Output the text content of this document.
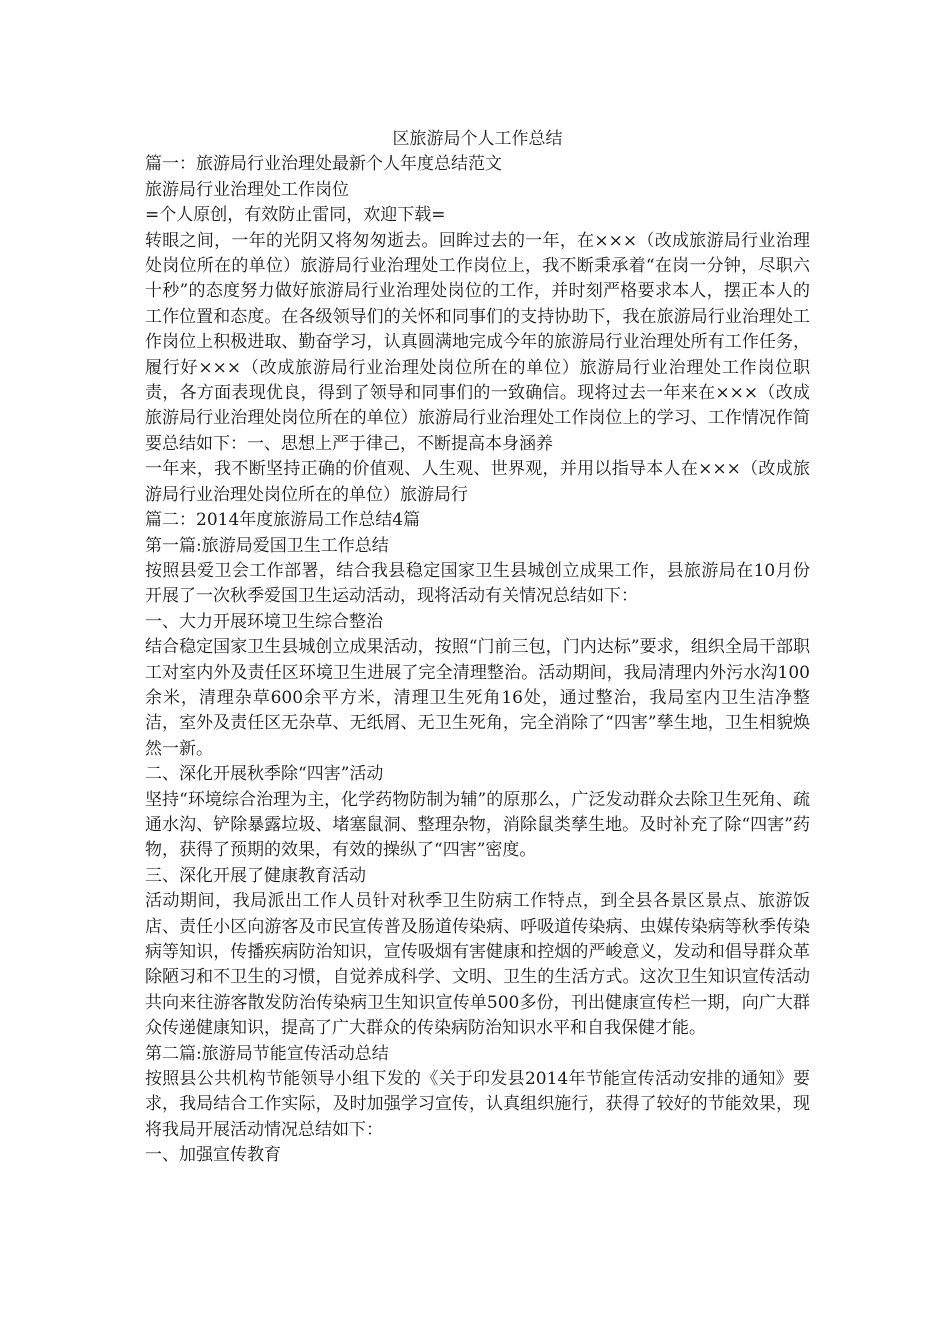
区旅游局个人工作总结

篇一：旅游局行业治理处最新个人年度总结范文

旅游局行业治理处工作岗位

=个人原创，有效防止雷同，欢迎下载=

转眼之间，一年的光阴又将匆匆逝去。回眸过去的一年，在×××（改成旅游局行业治理处岗位所在的单位）旅游局行业治理处工作岗位上，我不断秉承着“在岗一分钟，尽职六十秒”的态度努力做好旅游局行业治理处岗位的工作，并时刻严格要求本人，摆正本人的工作位置和态度。在各级领导们的关怀和同事们的支持协助下，我在旅游局行业治理处工作岗位上积极进取、勤奋学习，认真圆满地完成今年的旅游局行业治理处所有工作任务，履行好×××（改成旅游局行业治理处岗位所在的单位）旅游局行业治理处工作岗位职责，各方面表现优良，得到了领导和同事们的一致确信。现将过去一年来在×××（改成旅游局行业治理处岗位所在的单位）旅游局行业治理处工作岗位上的学习、工作情况作简要总结如下：一、思想上严于律己，不断提高本身涵养

一年来，我不断坚持正确的价值观、人生观、世界观，并用以指导本人在×××（改成旅游局行业治理处岗位所在的单位）旅游局行

篇二：2014年度旅游局工作总结4篇

第一篇:旅游局爱国卫生工作总结

按照县爱卫会工作部署，结合我县稳定国家卫生县城创立成果工作，县旅游局在10月份开展了一次秋季爱国卫生运动活动，现将活动有关情况总结如下：

一、大力开展环境卫生综合整治

结合稳定国家卫生县城创立成果活动，按照“门前三包，门内达标”要求，组织全局干部职工对室内外及责任区环境卫生进展了完全清理整治。活动期间，我局清理内外污水沟100余米，清理杂草600余平方米，清理卫生死角16处，通过整治，我局室内卫生洁净整洁，室外及责任区无杂草、无纸屑、无卫生死角，完全消除了“四害”孳生地，卫生相貌焕然一新。

二、深化开展秋季除“四害”活动

坚持“环境综合治理为主，化学药物防制为辅”的原那么，广泛发动群众去除卫生死角、疏通水沟、铲除暴露垃圾、堵塞鼠洞、整理杂物，消除鼠类孳生地。及时补充了除“四害”药物，获得了预期的效果，有效的操纵了“四害”密度。

三、深化开展了健康教育活动

活动期间，我局派出工作人员针对秋季卫生防病工作特点，到全县各景区景点、旅游饭店、责任小区向游客及市民宣传普及肠道传染病、呼吸道传染病、虫媒传染病等秋季传染病等知识，传播疾病防治知识，宣传吸烟有害健康和控烟的严峻意义，发动和倡导群众革除陋习和不卫生的习惯，自觉养成科学、文明、卫生的生活方式。这次卫生知识宣传活动共向来往游客散发防治传染病卫生知识宣传单500多份，刊出健康宣传栏一期，向广大群众传递健康知识，提高了广大群众的传染病防治知识水平和自我保健才能。

第二篇:旅游局节能宣传活动总结

按照县公共机构节能领导小组下发的《关于印发县2014年节能宣传活动安排的通知》要求，我局结合工作实际，及时加强学习宣传，认真组织施行，获得了较好的节能效果，现将我局开展活动情况总结如下：

一、加强宣传教育
